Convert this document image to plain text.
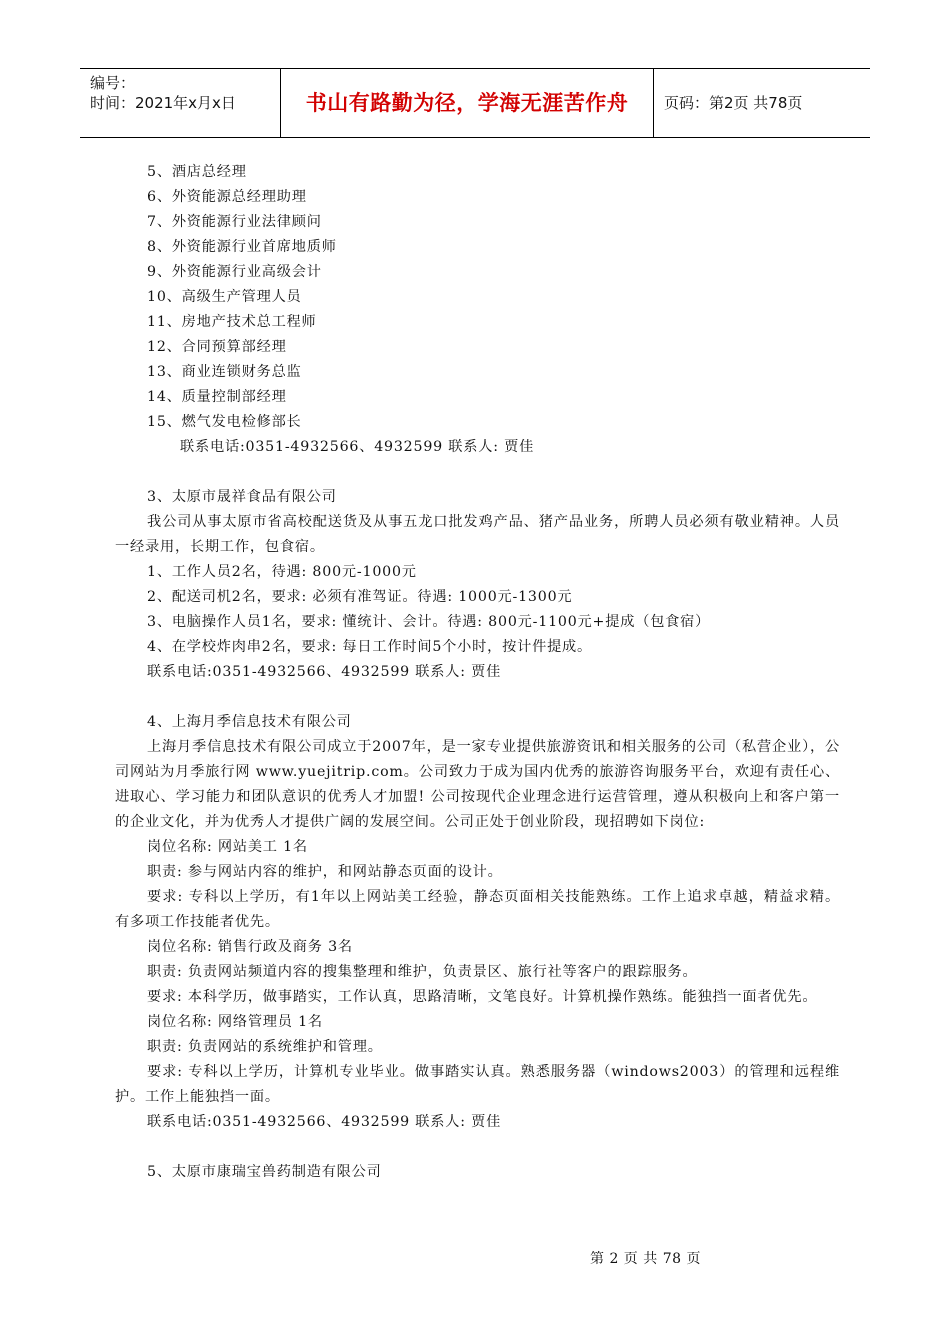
编号：
时间：2021年x月x日	书山有路勤为径，学海无涯苦作舟	页码：第2页 共78页

5、酒店总经理

6、外资能源总经理助理

7、外资能源行业法律顾问

8、外资能源行业首席地质师

9、外资能源行业高级会计

10、高级生产管理人员

11、房地产技术总工程师

12、合同预算部经理

13、商业连锁财务总监

14、质量控制部经理

15、燃气发电检修部长

联系电话:0351-4932566、4932599 联系人: 贾佳

3、太原市晟祥食品有限公司

我公司从事太原市省高校配送货及从事五龙口批发鸡产品、猪产品业务，所聘人员必须有敬业精神。人员一经录用，长期工作，包食宿。

1、工作人员2名，待遇: 800元-1000元

2、配送司机2名，要求: 必须有准驾证。待遇: 1000元-1300元

3、电脑操作人员1名，要求: 懂统计、会计。待遇: 800元-1100元+提成（包食宿）

4、在学校炸肉串2名，要求: 每日工作时间5个小时，按计件提成。

联系电话:0351-4932566、4932599 联系人: 贾佳

4、上海月季信息技术有限公司

上海月季信息技术有限公司成立于2007年，是一家专业提供旅游资讯和相关服务的公司（私营企业），公司网站为月季旅行网 www.yuejitrip.com。公司致力于成为国内优秀的旅游咨询服务平台，欢迎有责任心、进取心、学习能力和团队意识的优秀人才加盟! 公司按现代企业理念进行运营管理，遵从积极向上和客户第一的企业文化，并为优秀人才提供广阔的发展空间。公司正处于创业阶段，现招聘如下岗位:

岗位名称: 网站美工 1名

职责: 参与网站内容的维护，和网站静态页面的设计。

要求: 专科以上学历，有1年以上网站美工经验，静态页面相关技能熟练。工作上追求卓越，精益求精。有多项工作技能者优先。

岗位名称: 销售行政及商务 3名

职责: 负责网站频道内容的搜集整理和维护，负责景区、旅行社等客户的跟踪服务。

要求: 本科学历，做事踏实，工作认真，思路清晰，文笔良好。计算机操作熟练。能独挡一面者优先。

岗位名称: 网络管理员 1名

职责: 负责网站的系统维护和管理。

要求: 专科以上学历，计算机专业毕业。做事踏实认真。熟悉服务器（windows2003）的管理和远程维护。工作上能独挡一面。

联系电话:0351-4932566、4932599 联系人: 贾佳

5、太原市康瑞宝兽药制造有限公司

第 2 页 共 78 页
